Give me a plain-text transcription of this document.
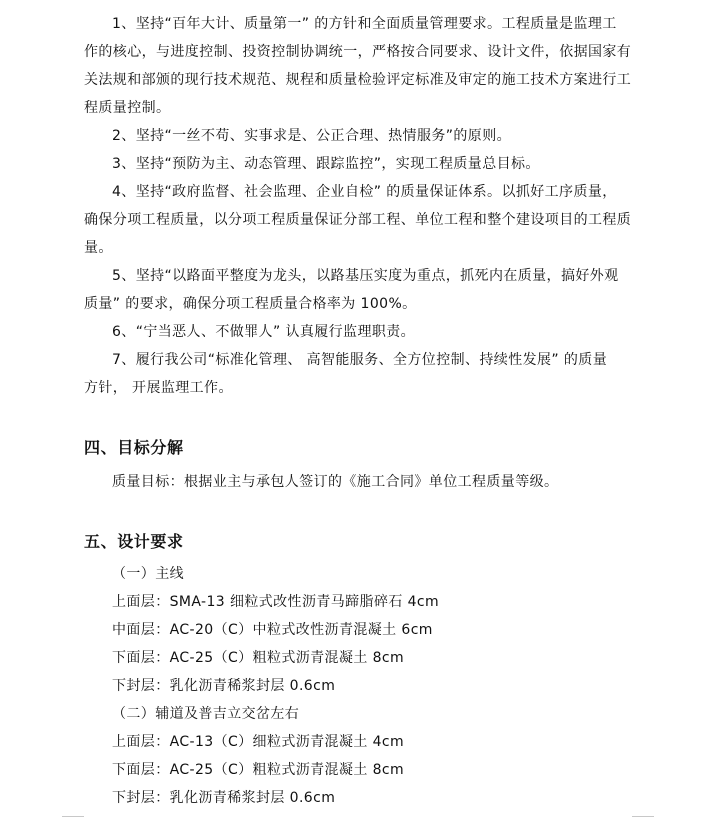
1、坚持“百年大计、质量第一” 的方针和全面质量管理要求。工程质量是监理工
作的核心，与进度控制、投资控制协调统一，严格按合同要求、设计文件，依据国家有
关法规和部颁的现行技术规范、规程和质量检验评定标准及审定的施工技术方案进行工
程质量控制。
2、坚持“一丝不苟、实事求是、公正合理、热情服务”的原则。
3、坚持“预防为主、动态管理、跟踪监控”，实现工程质量总目标。
4、坚持“政府监督、社会监理、企业自检” 的质量保证体系。以抓好工序质量，
确保分项工程质量，以分项工程质量保证分部工程、单位工程和整个建设项目的工程质
量。
5、坚持“以路面平整度为龙头，以路基压实度为重点，抓死内在质量，搞好外观
质量” 的要求，确保分项工程质量合格率为 100%。
6、“宁当恶人、不做罪人” 认真履行监理职责。
7、履行我公司“标准化管理、 高智能服务、全方位控制、持续性发展” 的质量
方针， 开展监理工作。
四、目标分解
质量目标：根据业主与承包人签订的《施工合同》单位工程质量等级。
五、设计要求
（一）主线
上面层：SMA-13 细粒式改性沥青马蹄脂碎石 4cm
中面层：AC-20（C）中粒式改性沥青混凝土 6cm
下面层：AC-25（C）粗粒式沥青混凝土 8cm
下封层：乳化沥青稀浆封层 0.6cm
（二）辅道及普吉立交岔左右
上面层：AC-13（C）细粒式沥青混凝土 4cm
下面层：AC-25（C）粗粒式沥青混凝土 8cm
下封层：乳化沥青稀浆封层 0.6cm
